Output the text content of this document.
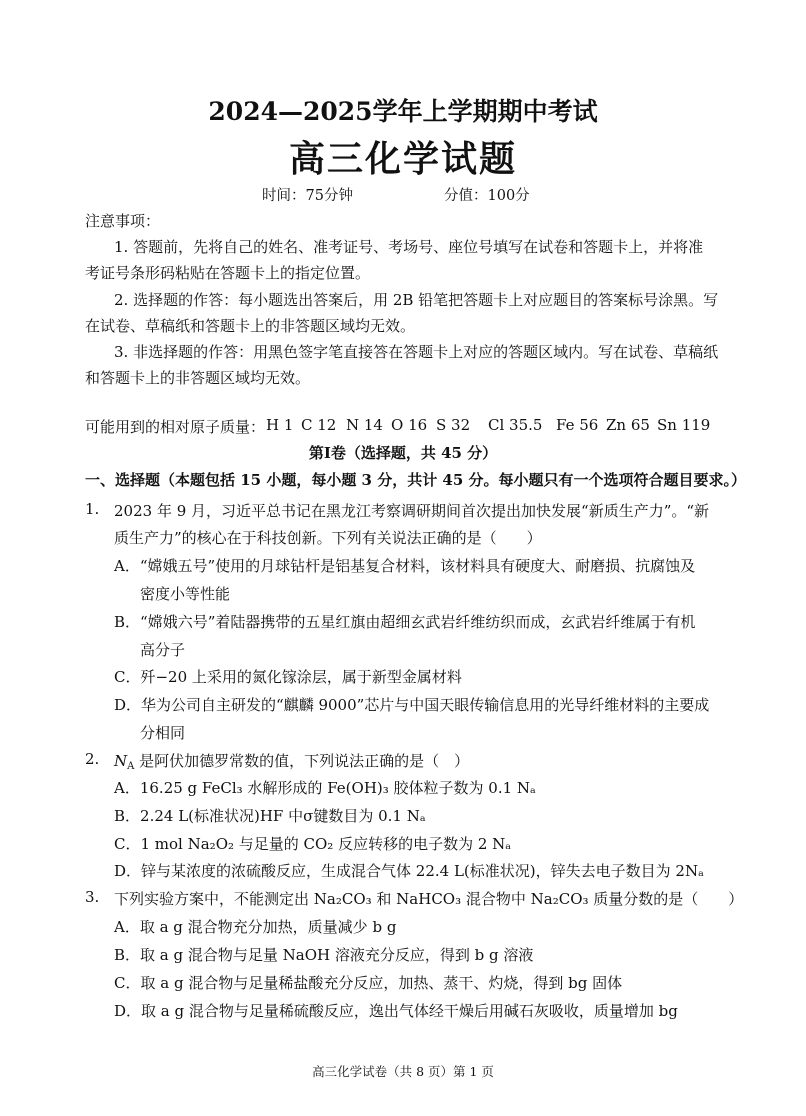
2024—2025学年上学期期中考试
高三化学试题
时间：75分钟	分值：100分
注意事项：
1. 答题前，先将自己的姓名、准考证号、考场号、座位号填写在试卷和答题卡上，并将准
考证号条形码粘贴在答题卡上的指定位置。
2. 选择题的作答：每小题选出答案后，用 2B 铅笔把答题卡上对应题目的答案标号涂黑。写
在试卷、草稿纸和答题卡上的非答题区域均无效。
3. 非选择题的作答：用黑色签字笔直接答在答题卡上对应的答题区域内。写在试卷、草稿纸
和答题卡上的非答题区域均无效。
可能用到的相对原子质量： H 1 C 12 N 14 O 16 S 32 Cl 35.5 Fe 56 Zn 65 Sn 119
第Ⅰ卷（选择题，共 45 分）
一、选择题（本题包括 15 小题，每小题 3 分，共计 45 分。每小题只有一个选项符合题目要求。）
1. 2023 年 9 月，习近平总书记在黑龙江考察调研期间首次提出加快发展“新质生产力”。“新
质生产力”的核心在于科技创新。下列有关说法正确的是（　　）
A．“嫦娥五号”使用的月球钻杆是铝基复合材料，该材料具有硬度大、耐磨损、抗腐蚀及
密度小等性能
B．“嫦娥六号”着陆器携带的五星红旗由超细玄武岩纤维纺织而成，玄武岩纤维属于有机
高分子
C．歼−20 上采用的氮化镓涂层，属于新型金属材料
D．华为公司自主研发的“麒麟 9000”芯片与中国天眼传输信息用的光导纤维材料的主要成
分相同
2. $N_A$ 是阿伏加德罗常数的值，下列说法正确的是（　）
A．16.25 g FeCl₃ 水解形成的 Fe(OH)₃ 胶体粒子数为 0.1 Nₐ
B．2.24 L(标准状况)HF 中σ键数目为 0.1 Nₐ
C．1 mol Na₂O₂ 与足量的 CO₂ 反应转移的电子数为 2 Nₐ
D．锌与某浓度的浓硫酸反应，生成混合气体 22.4 L(标准状况)，锌失去电子数目为 2Nₐ
3. 下列实验方案中，不能测定出 Na₂CO₃ 和 NaHCO₃ 混合物中 Na₂CO₃ 质量分数的是（　　）
A．取 a g 混合物充分加热，质量减少 b g
B．取 a g 混合物与足量 NaOH 溶液充分反应，得到 b g 溶液
C．取 a g 混合物与足量稀盐酸充分反应，加热、蒸干、灼烧，得到 bg 固体
D．取 a g 混合物与足量稀硫酸反应，逸出气体经干燥后用碱石灰吸收，质量增加 bg
高三化学试卷（共 8 页）第 1 页
